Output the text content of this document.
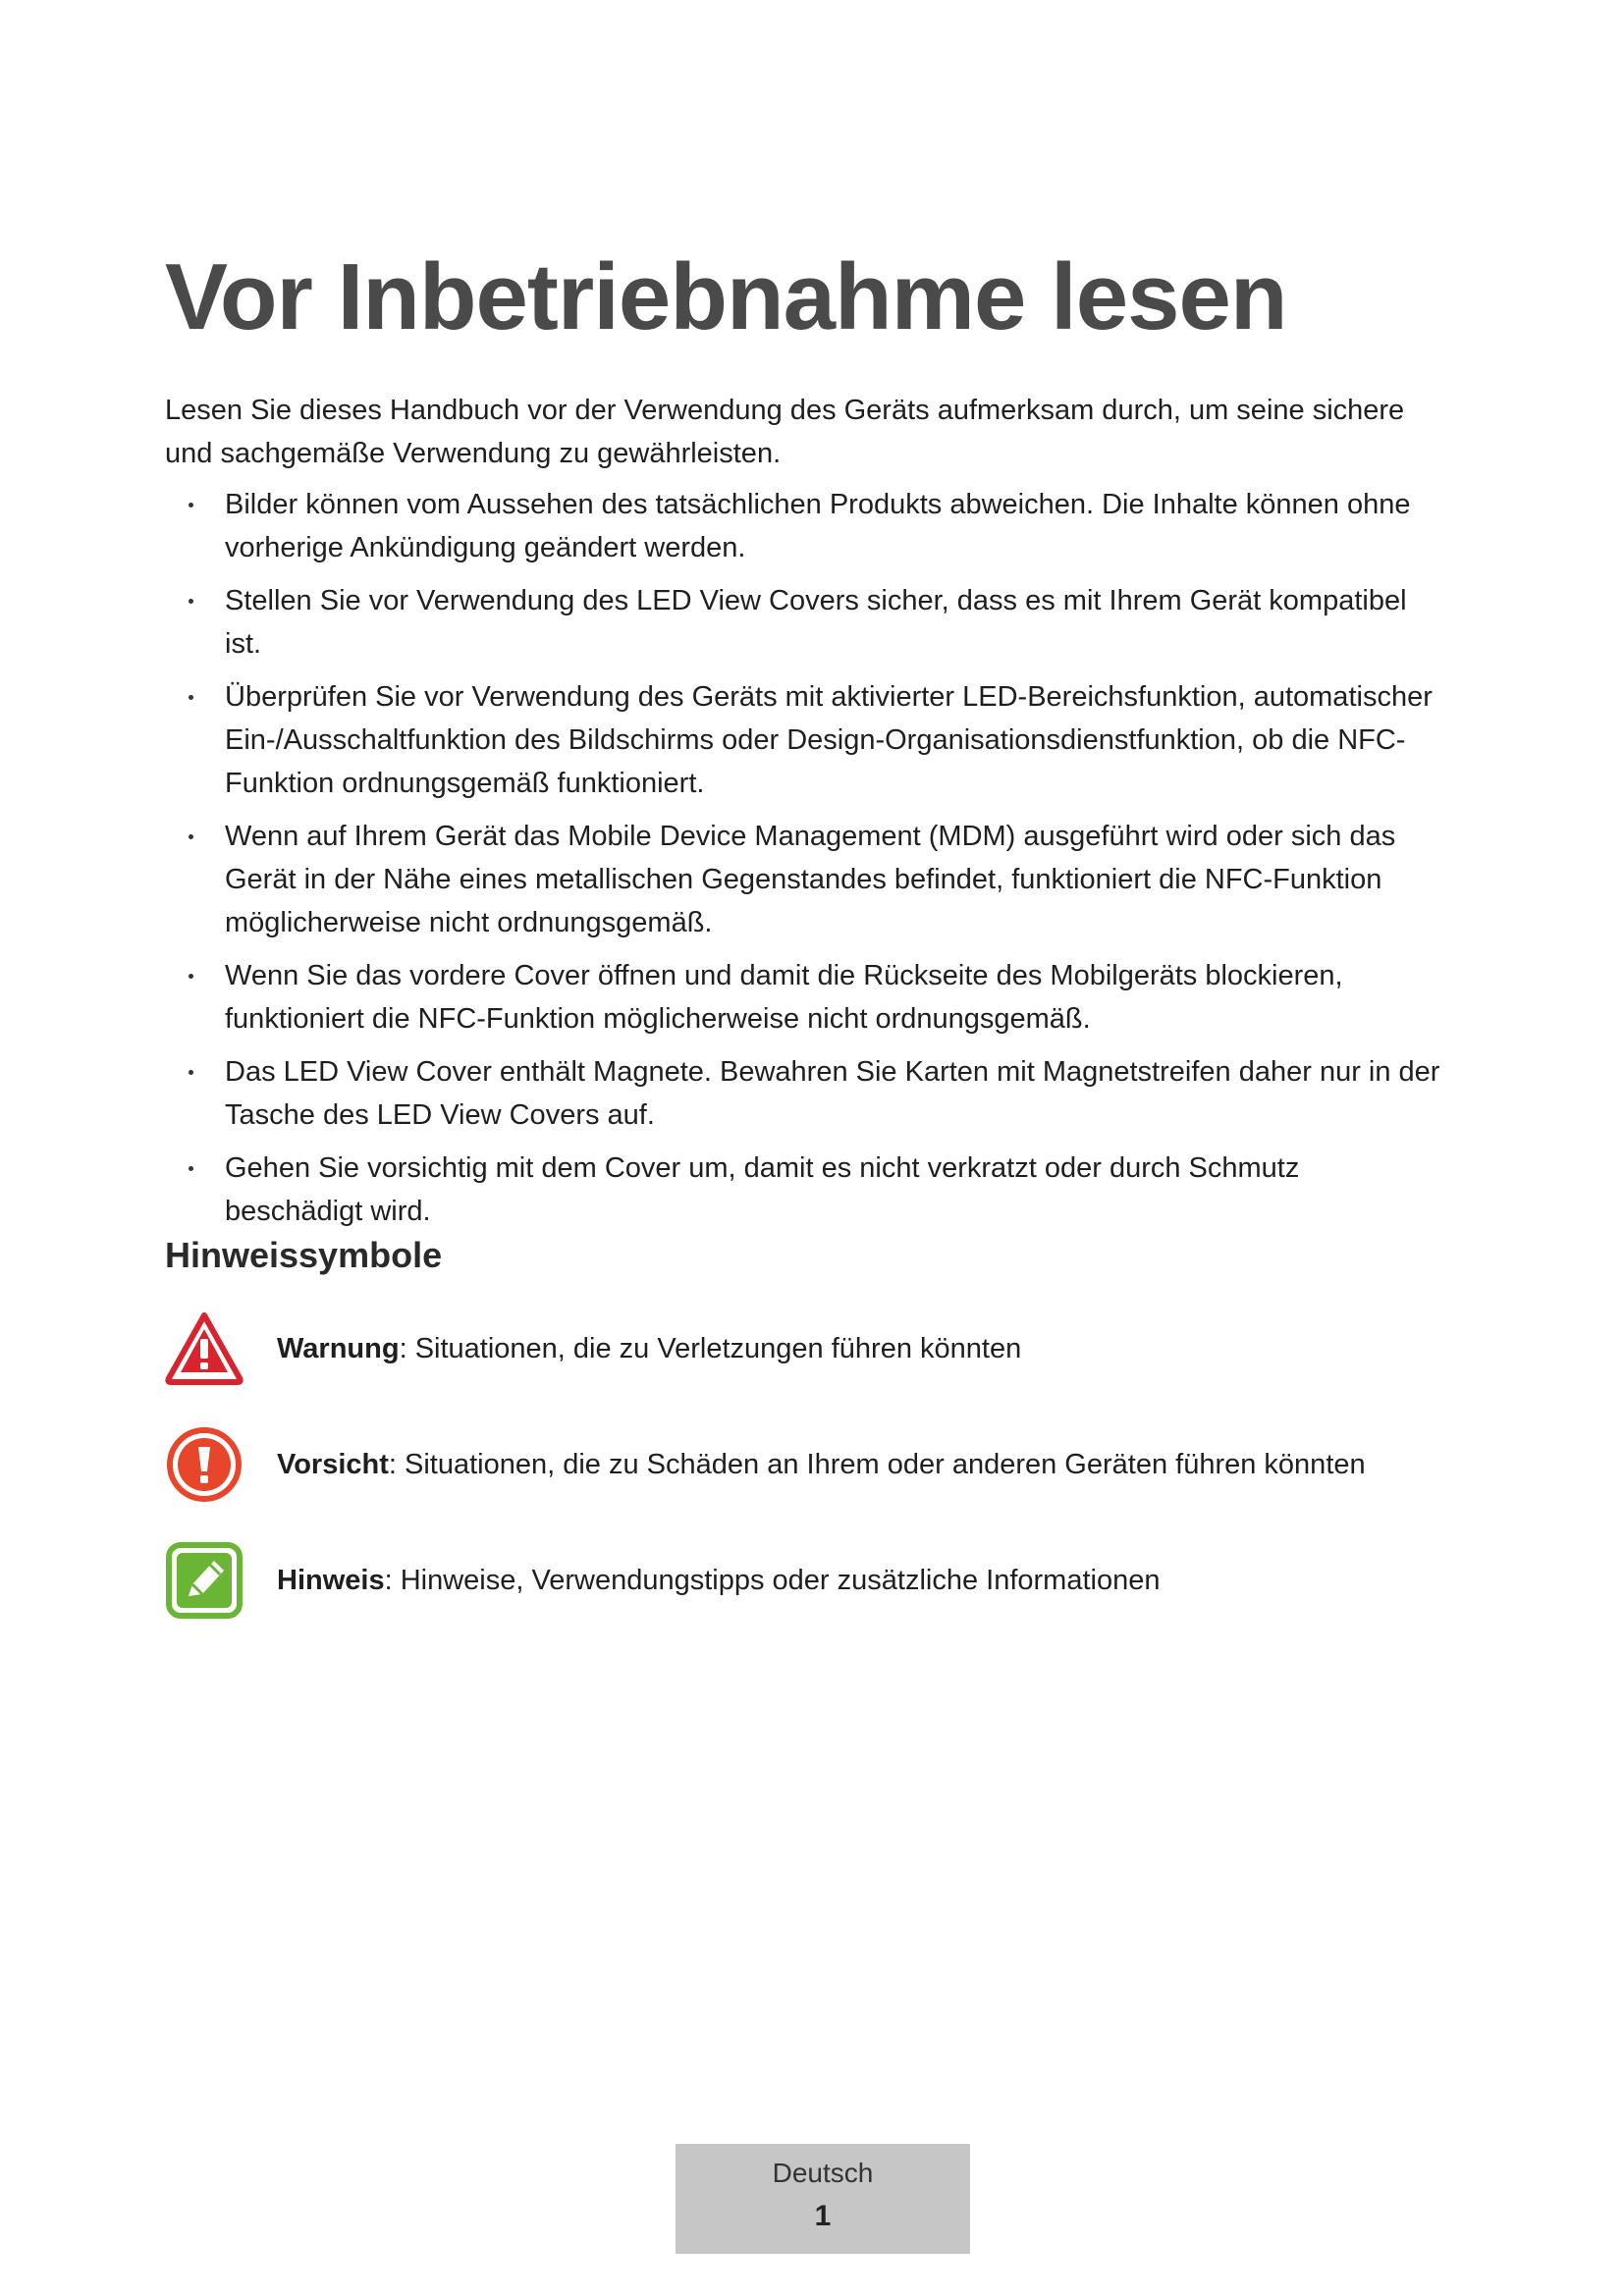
Vor Inbetriebnahme lesen

Lesen Sie dieses Handbuch vor der Verwendung des Geräts aufmerksam durch, um seine sichere und sachgemäße Verwendung zu gewährleisten.

Bilder können vom Aussehen des tatsächlichen Produkts abweichen. Die Inhalte können ohne vorherige Ankündigung geändert werden.
Stellen Sie vor Verwendung des LED View Covers sicher, dass es mit Ihrem Gerät kompatibel ist.
Überprüfen Sie vor Verwendung des Geräts mit aktivierter LED-Bereichsfunktion, automatischer Ein-/Ausschaltfunktion des Bildschirms oder Design-Organisationsdienstfunktion, ob die NFC-Funktion ordnungsgemäß funktioniert.
Wenn auf Ihrem Gerät das Mobile Device Management (MDM) ausgeführt wird oder sich das Gerät in der Nähe eines metallischen Gegenstandes befindet, funktioniert die NFC-Funktion möglicherweise nicht ordnungsgemäß.
Wenn Sie das vordere Cover öffnen und damit die Rückseite des Mobilgeräts blockieren, funktioniert die NFC-Funktion möglicherweise nicht ordnungsgemäß.
Das LED View Cover enthält Magnete. Bewahren Sie Karten mit Magnetstreifen daher nur in der Tasche des LED View Covers auf.
Gehen Sie vorsichtig mit dem Cover um, damit es nicht verkratzt oder durch Schmutz beschädigt wird.
Hinweissymbole
Warnung: Situationen, die zu Verletzungen führen könnten
Vorsicht: Situationen, die zu Schäden an Ihrem oder anderen Geräten führen könnten
Hinweis: Hinweise, Verwendungstipps oder zusätzliche Informationen
Deutsch
1
